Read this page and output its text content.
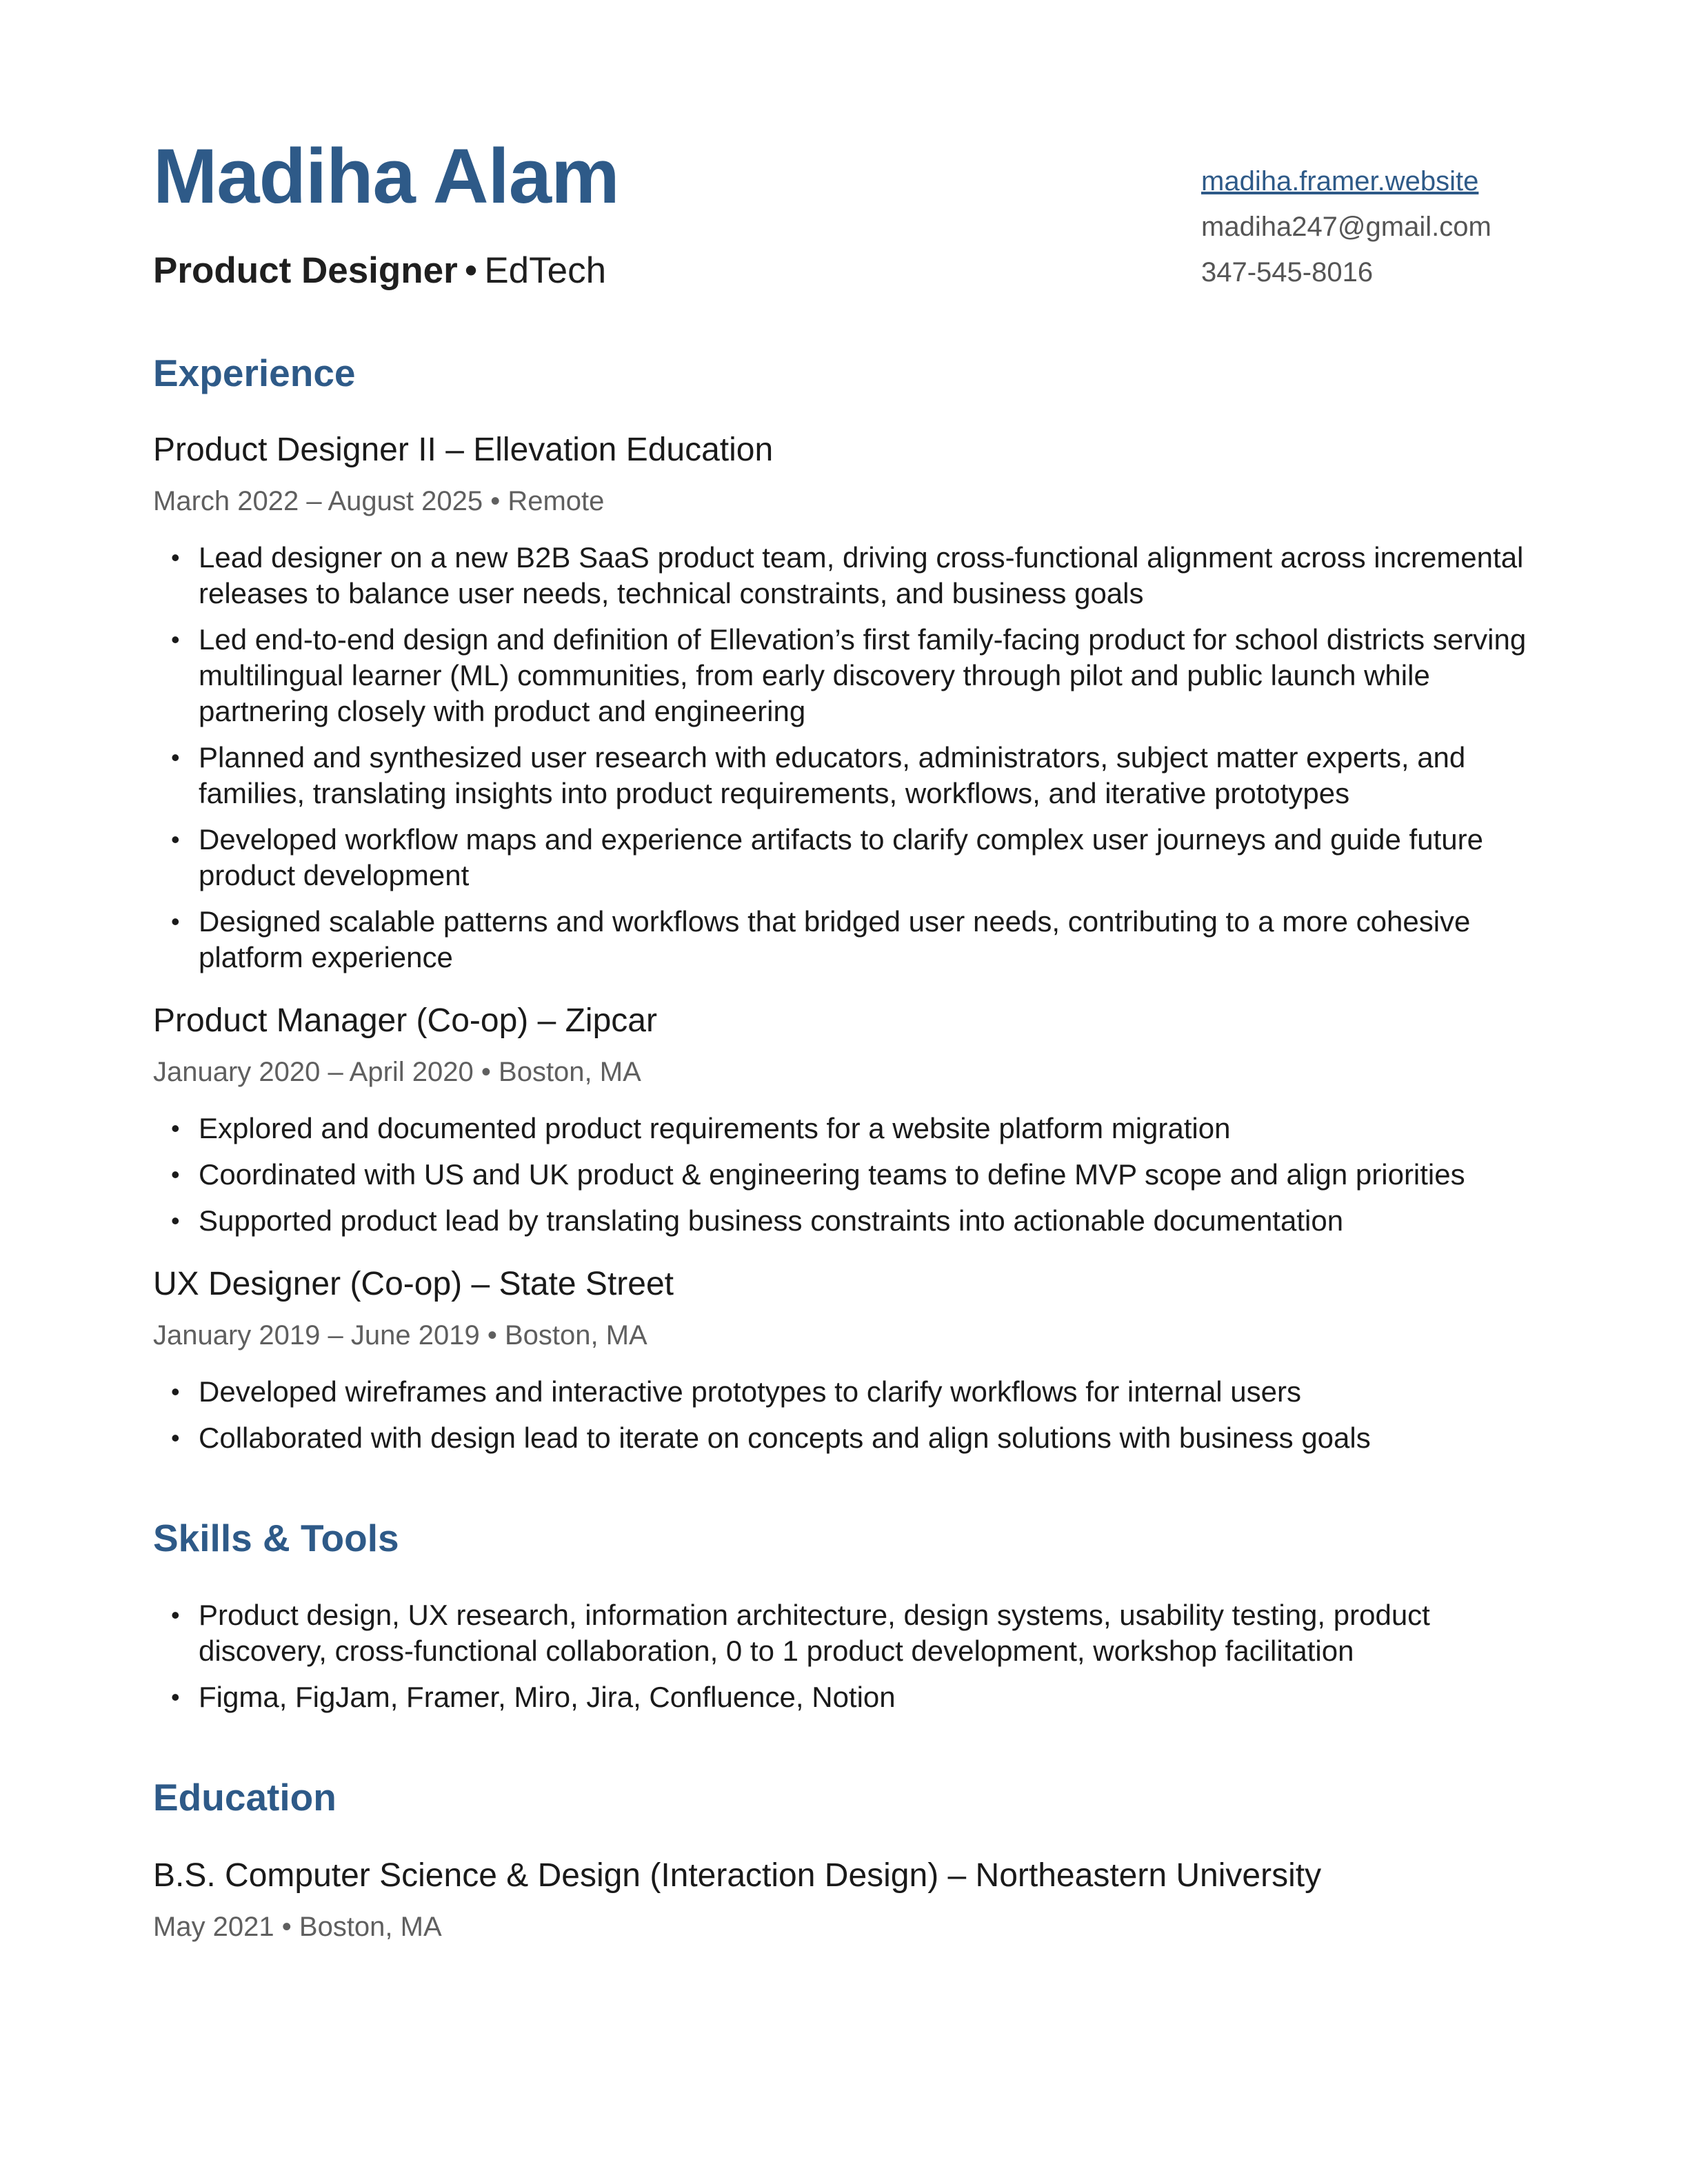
Madiha Alam
Product Designer • EdTech
madiha.framer.website
madiha247@gmail.com
347-545-8016
Experience
Product Designer II – Ellevation Education
March 2022 – August 2025 • Remote
• Lead designer on a new B2B SaaS product team, driving cross-functional alignment across incremental releases to balance user needs, technical constraints, and business goals
• Led end-to-end design and definition of Ellevation’s first family-facing product for school districts serving multilingual learner (ML) communities, from early discovery through pilot and public launch while partnering closely with product and engineering
• Planned and synthesized user research with educators, administrators, subject matter experts, and families, translating insights into product requirements, workflows, and iterative prototypes
• Developed workflow maps and experience artifacts to clarify complex user journeys and guide future product development
• Designed scalable patterns and workflows that bridged user needs, contributing to a more cohesive platform experience
Product Manager (Co-op) – Zipcar
January 2020 – April 2020 • Boston, MA
• Explored and documented product requirements for a website platform migration
• Coordinated with US and UK product & engineering teams to define MVP scope and align priorities
• Supported product lead by translating business constraints into actionable documentation
UX Designer (Co-op) – State Street
January 2019 – June 2019 • Boston, MA
• Developed wireframes and interactive prototypes to clarify workflows for internal users
• Collaborated with design lead to iterate on concepts and align solutions with business goals
Skills & Tools
• Product design, UX research, information architecture, design systems, usability testing, product discovery, cross-functional collaboration, 0 to 1 product development, workshop facilitation
• Figma, FigJam, Framer, Miro, Jira, Confluence, Notion
Education
B.S. Computer Science & Design (Interaction Design) – Northeastern University
May 2021 • Boston, MA
